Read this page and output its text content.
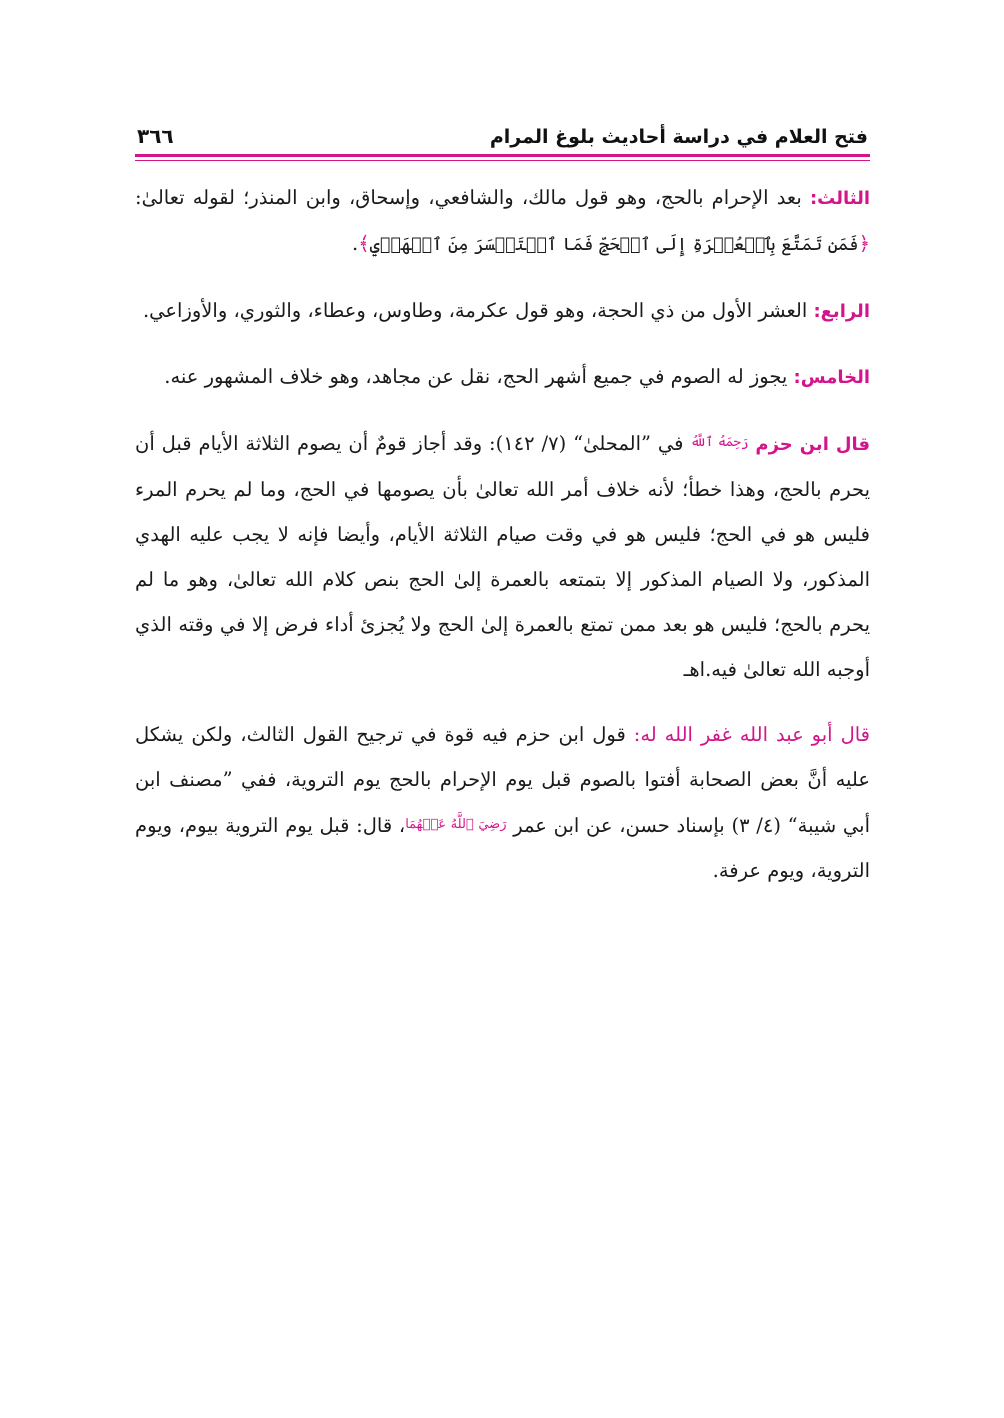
فتح العلام في دراسة أحاديث بلوغ المرام
٣٦٦

الثالث: بعد الإحرام بالحج، وهو قول مالك، والشافعي، وإسحاق، وابن المنذر؛ لقوله تعالىٰ: ﴿فَمَن تَمَتَّعَ بِٱلۡعُمۡرَةِ إِلَى ٱلۡحَجِّ فَمَا ٱسۡتَيۡسَرَ مِنَ ٱلۡهَدۡيِ﴾.

الرابع: العشر الأول من ذي الحجة، وهو قول عكرمة، وطاوس، وعطاء، والثوري، والأوزاعي.

الخامس: يجوز له الصوم في جميع أشهر الحج، نقل عن مجاهد، وهو خلاف المشهور عنه.

قال ابن حزم $^{رَحِمَهُ ٱللَّهُ}$ في ”المحلىٰ“ (٧/ ١٤٢): وقد أجاز قومٌ أن يصوم الثلاثة الأيام قبل أن يحرم بالحج، وهذا خطأ؛ لأنه خلاف أمر الله تعالىٰ بأن يصومها في الحج، وما لم يحرم المرء فليس هو في الحج؛ فليس هو في وقت صيام الثلاثة الأيام، وأيضا فإنه لا يجب عليه الهدي المذكور، ولا الصيام المذكور إلا بتمتعه بالعمرة إلىٰ الحج بنص كلام الله تعالىٰ، وهو ما لم يحرم بالحج؛ فليس هو بعد ممن تمتع بالعمرة إلىٰ الحج ولا يُجزئ أداء فرض إلا في وقته الذي أوجبه الله تعالىٰ فيه.اهـ

قال أبو عبد الله غفر الله له: قول ابن حزم فيه قوة في ترجيح القول الثالث، ولكن يشكل عليه أنَّ بعض الصحابة أفتوا بالصوم قبل يوم الإحرام بالحج يوم التروية، ففي ”مصنف ابن أبي شيبة“ (٤/ ٣) بإسناد حسن، عن ابن عمر $^{رَضِيَ ٱللَّهُ عَنۡهُمَا}$، قال: قبل يوم التروية بيوم، ويوم التروية، ويوم عرفة.
